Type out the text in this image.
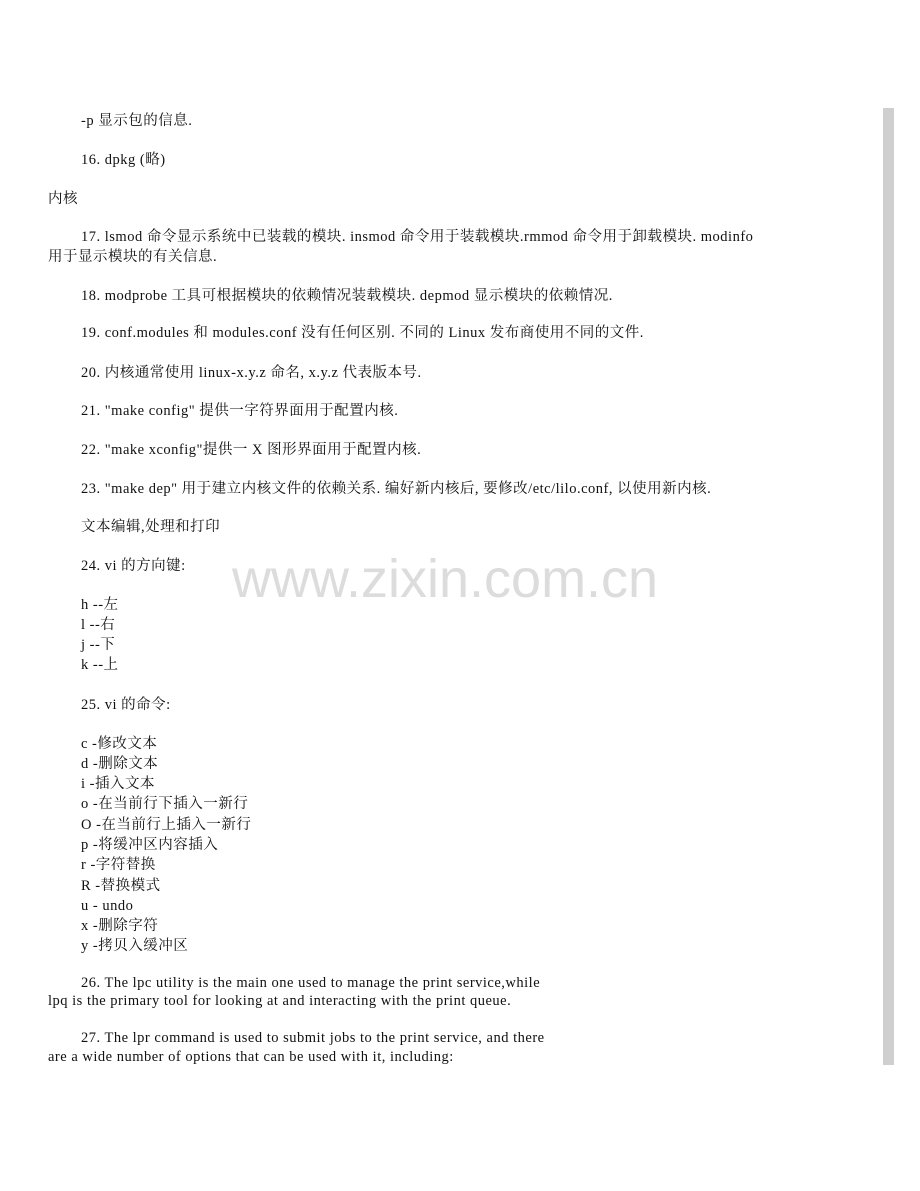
www.zixin.com.cn
-p 显示包的信息.
16. dpkg (略)
内核
17. lsmod 命令显示系统中已装载的模块. insmod 命令用于装载模块.rmmod 命令用于卸载模块. modinfo
用于显示模块的有关信息.
18. modprobe 工具可根据模块的依赖情况装载模块. depmod 显示模块的依赖情况.
19. conf.modules 和 modules.conf 没有任何区别. 不同的 Linux 发布商使用不同的文件.
20. 内核通常使用 linux-x.y.z 命名, x.y.z 代表版本号.
21. "make config" 提供一字符界面用于配置内核.
22. "make xconfig"提供一 X 图形界面用于配置内核.
23. "make dep" 用于建立内核文件的依赖关系. 编好新内核后, 要修改/etc/lilo.conf, 以使用新内核.
文本编辑,处理和打印
24. vi 的方向键:
h --左
l --右
j --下
k --上
25. vi 的命令:
c -修改文本
d -删除文本
i -插入文本
o -在当前行下插入一新行
O -在当前行上插入一新行
p -将缓冲区内容插入
r -字符替换
R -替换模式
u - undo
x -删除字符
y -拷贝入缓冲区
26. The lpc utility is the main one used to manage the print service,while
lpq is the primary tool for looking at and interacting with the print queue.
27. The lpr command is used to submit jobs to the print service, and there
are a wide number of options that can be used with it, including:
